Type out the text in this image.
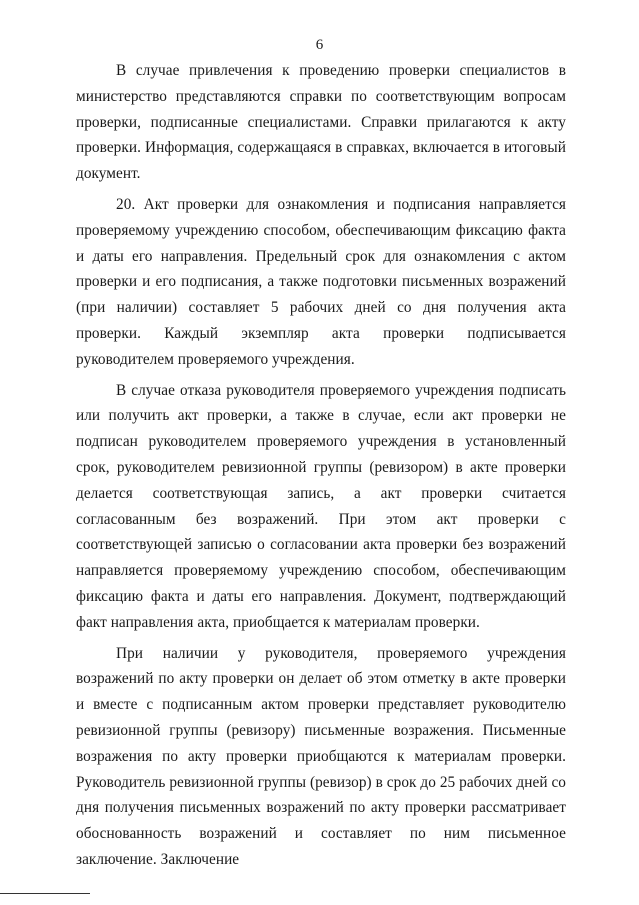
6

В случае привлечения к проведению проверки специалистов в министерство представляются справки по соответствующим вопросам проверки, подписанные специалистами. Справки прилагаются к акту проверки. Информация, содержащаяся в справках, включается в итоговый документ.

20. Акт проверки для ознакомления и подписания направляется проверяемому учреждению способом, обеспечивающим фиксацию факта и даты его направления. Предельный срок для ознакомления с актом проверки и его подписания, а также подготовки письменных возражений (при наличии) составляет 5 рабочих дней со дня получения акта проверки. Каждый экземпляр акта проверки подписывается руководителем проверяемого учреждения.

В случае отказа руководителя проверяемого учреждения подписать или получить акт проверки, а также в случае, если акт проверки не подписан руководителем проверяемого учреждения в установленный срок, руководителем ревизионной группы (ревизором) в акте проверки делается соответствующая запись, а акт проверки считается согласованным без возражений. При этом акт проверки с соответствующей записью о согласовании акта проверки без возражений направляется проверяемому учреждению способом, обеспечивающим фиксацию факта и даты его направления. Документ, подтверждающий факт направления акта, приобщается к материалам проверки.

При наличии у руководителя, проверяемого учреждения возражений по акту проверки он делает об этом отметку в акте проверки и вместе с подписанным актом проверки представляет руководителю ревизионной группы (ревизору) письменные возражения. Письменные возражения по акту проверки приобщаются к материалам проверки. Руководитель ревизионной группы (ревизор) в срок до 25 рабочих дней со дня получения письменных возражений по акту проверки рассматривает обоснованность возражений и составляет по ним письменное заключение. Заключение
